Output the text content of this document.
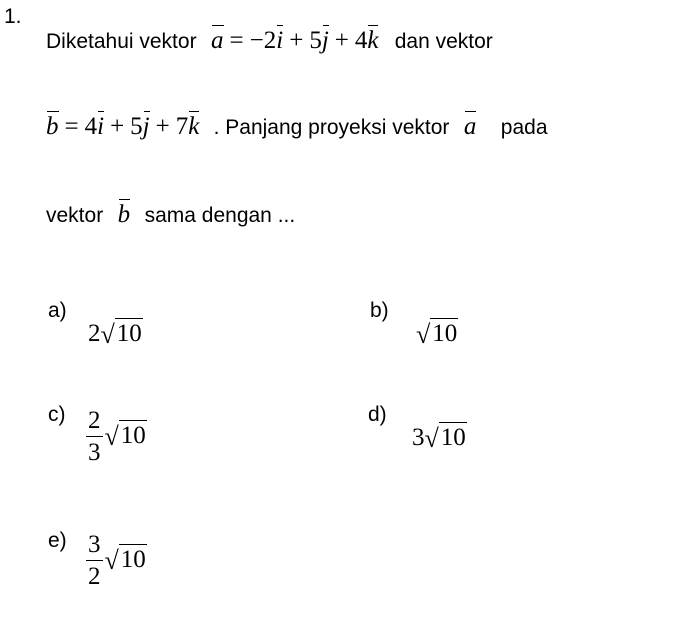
1.
Diketahui vektor a = −2i + 5j + 4k dan vektor
b = 4i + 5j + 7k . Panjang proyeksi vektor a pada
vektor b sama dengan ...
a)
2√10
b)
√10
$c) \frac{2}{3} √10$
d)
3√10
$e) \frac{3}{2} √10$
